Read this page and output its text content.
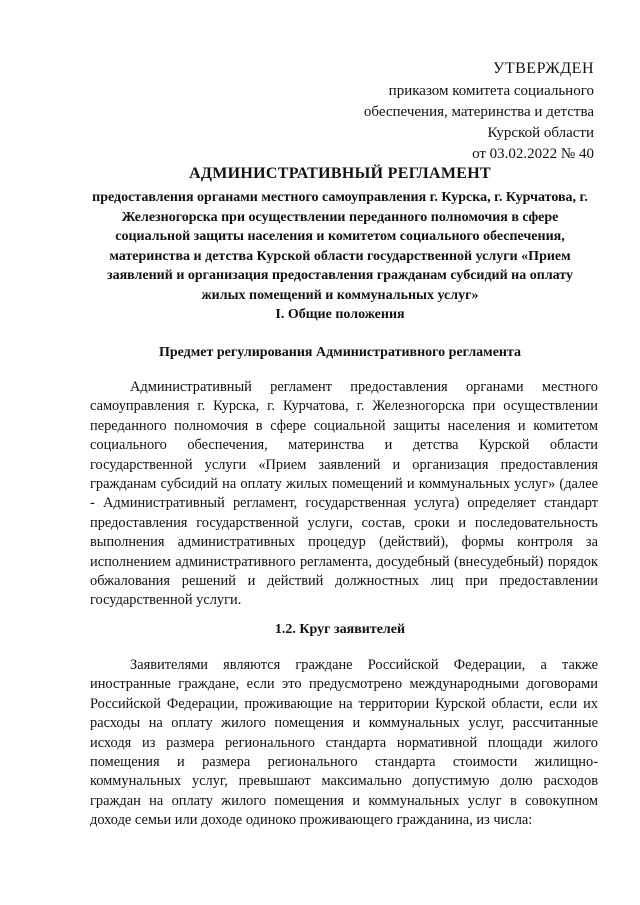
УТВЕРЖДЕН
приказом комитета социального
обеспечения, материнства и детства
Курской области
от 03.02.2022 № 40
АДМИНИСТРАТИВНЫЙ РЕГЛАМЕНТ
предоставления органами местного самоуправления г. Курска, г. Курчатова, г. Железногорска при осуществлении переданного полномочия в сфере социальной защиты населения и комитетом социального обеспечения, материнства и детства Курской области государственной услуги «Прием заявлений и организация предоставления гражданам субсидий на оплату жилых помещений и коммунальных услуг»
I. Общие положения
Предмет регулирования Административного регламента

Административный регламент предоставления органами местного самоуправления г. Курска, г. Курчатова, г. Железногорска при осуществлении переданного полномочия в сфере социальной защиты населения и комитетом социального обеспечения, материнства и детства Курской области государственной услуги «Прием заявлений и организация предоставления гражданам субсидий на оплату жилых помещений и коммунальных услуг» (далее - Административный регламент, государственная услуга) определяет стандарт предоставления государственной услуги, состав, сроки и последовательность выполнения административных процедур (действий), формы контроля за исполнением административного регламента, досудебный (внесудебный) порядок обжалования решений и действий должностных лиц при предоставлении государственной услуги.

1.2. Круг заявителей

Заявителями являются граждане Российской Федерации, а также иностранные граждане, если это предусмотрено международными договорами Российской Федерации, проживающие на территории Курской области, если их расходы на оплату жилого помещения и коммунальных услуг, рассчитанные исходя из размера регионального стандарта нормативной площади жилого помещения и размера регионального стандарта стоимости жилищно-коммунальных услуг, превышают максимально допустимую долю расходов граждан на оплату жилого помещения и коммунальных услуг в совокупном доходе семьи или доходе одиноко проживающего гражданина, из числа:
